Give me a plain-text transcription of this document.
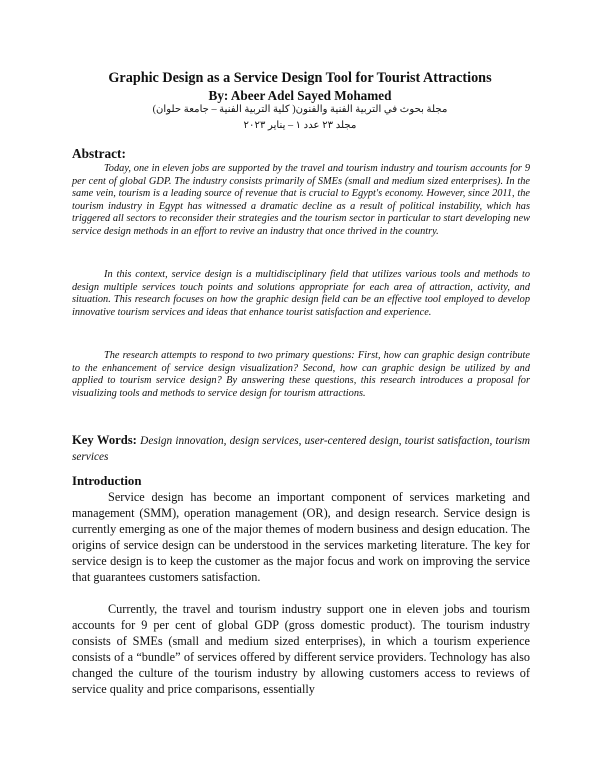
Graphic Design as a Service Design Tool for Tourist Attractions
By: Abeer Adel Sayed Mohamed
مجلة بحوث في التربية الفنية والفنون( كلية التربية الفنية – جامعة حلوان)
مجلد ٢٣ عدد ١ – يناير ٢٠٢٣
Abstract:

Today, one in eleven jobs are supported by the travel and tourism industry and tourism accounts for 9 per cent of global GDP. The industry consists primarily of SMEs (small and medium sized enterprises). In the same vein, tourism is a leading source of revenue that is crucial to Egypt's economy. However, since 2011, the tourism industry in Egypt has witnessed a dramatic decline as a result of political instability, which has triggered all sectors to reconsider their strategies and the tourism sector in particular to start developing new service design methods in an effort to revive an industry that once thrived in the country.

In this context, service design is a multidisciplinary field that utilizes various tools and methods to design multiple services touch points and solutions appropriate for each area of attraction, activity, and situation. This research focuses on how the graphic design field can be an effective tool employed to develop innovative tourism services and ideas that enhance tourist satisfaction and experience.

The research attempts to respond to two primary questions: First, how can graphic design contribute to the enhancement of service design visualization? Second, how can graphic design be utilized by and applied to tourism service design? By answering these questions, this research introduces a proposal for visualizing tools and methods to service design for tourism attractions.

Key Words: Design innovation, design services, user-centered design, tourist satisfaction, tourism services
Introduction

Service design has become an important component of services marketing and management (SMM), operation management (OR), and design research. Service design is currently emerging as one of the major themes of modern business and design education. The origins of service design can be understood in the services marketing literature. The key for service design is to keep the customer as the major focus and work on improving the service that guarantees customers satisfaction.

Currently, the travel and tourism industry support one in eleven jobs and tourism accounts for 9 per cent of global GDP (gross domestic product). The tourism industry consists of SMEs (small and medium sized enterprises), in which a tourism experience consists of a “bundle” of services offered by different service providers. Technology has also changed the culture of the tourism industry by allowing customers access to reviews of service quality and price comparisons, essentially
